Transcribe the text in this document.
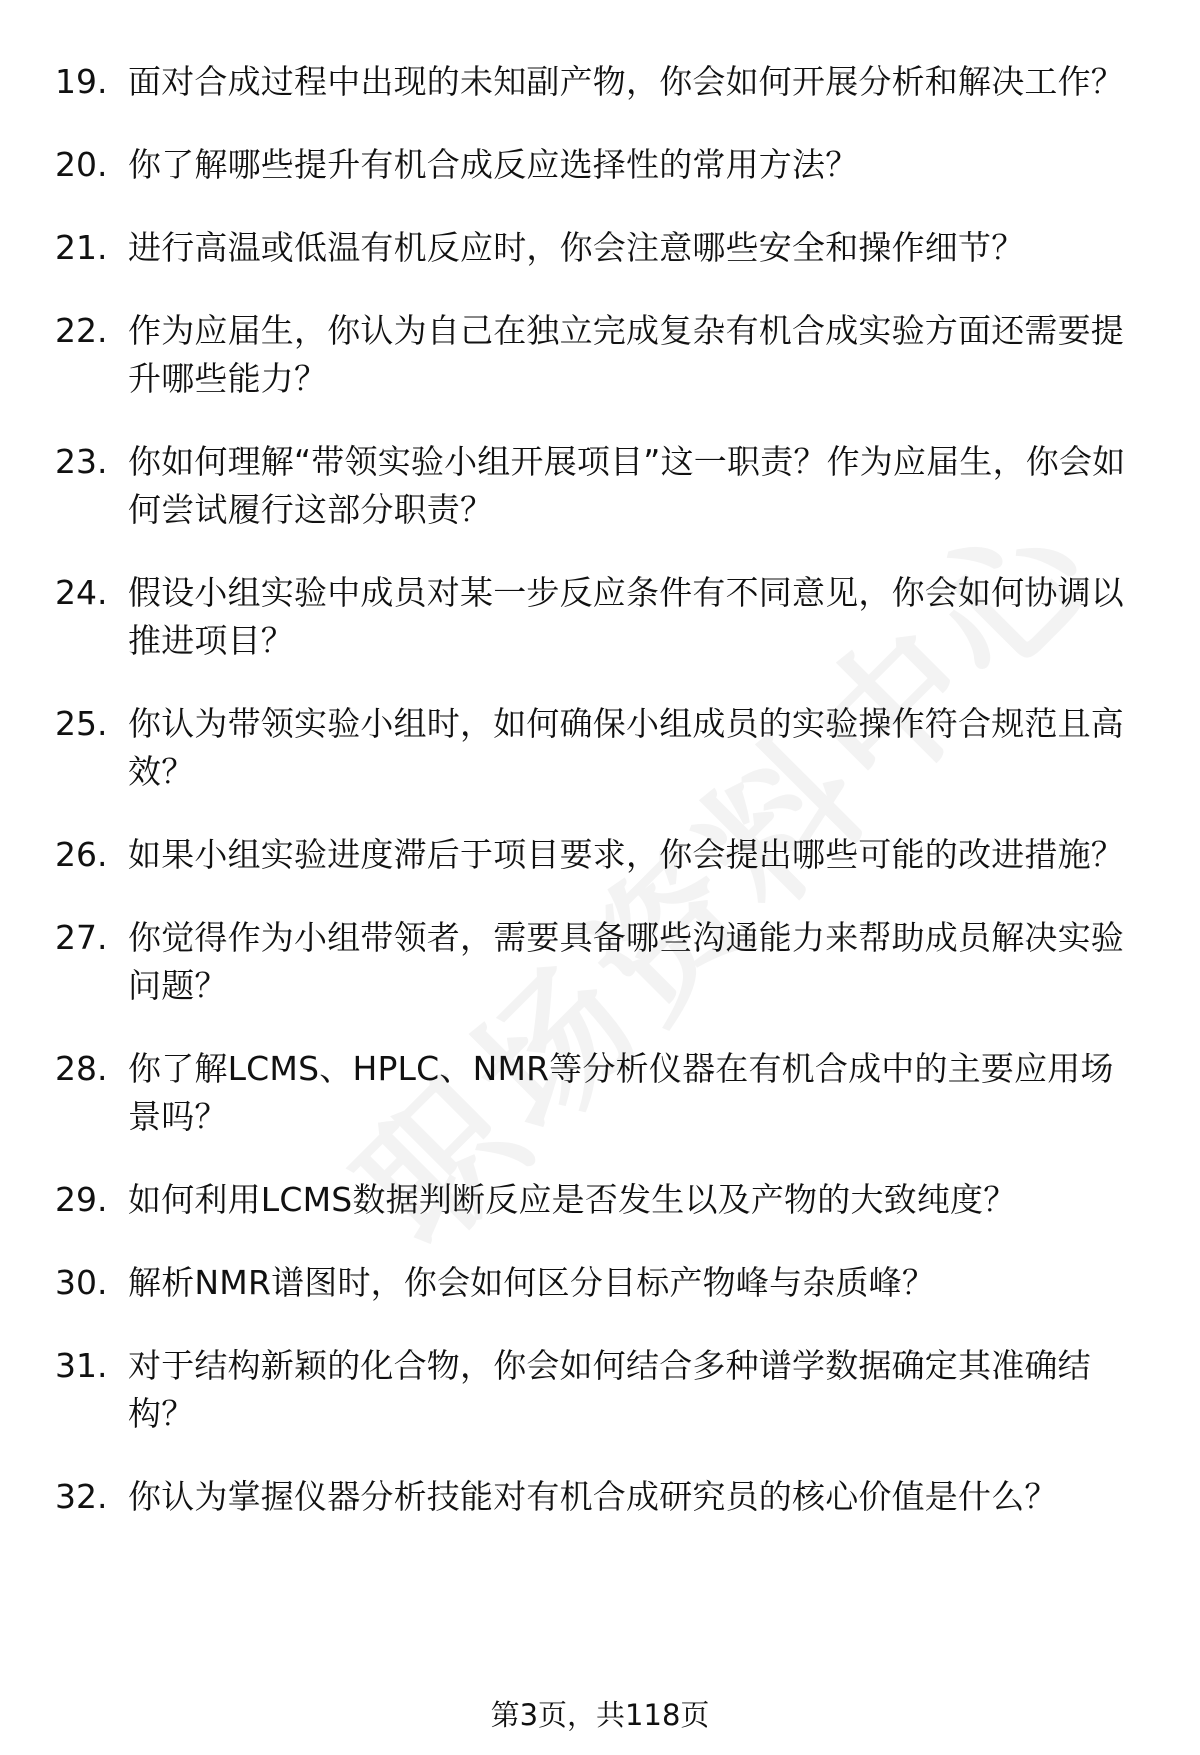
19. 面对合成过程中出现的未知副产物，你会如何开展分析和解决工作？
20. 你了解哪些提升有机合成反应选择性的常用方法？
21. 进行高温或低温有机反应时，你会注意哪些安全和操作细节？
22. 作为应届生，你认为自己在独立完成复杂有机合成实验方面还需要提升哪些能力？
23. 你如何理解“带领实验小组开展项目”这一职责？作为应届生，你会如何尝试履行这部分职责？
24. 假设小组实验中成员对某一步反应条件有不同意见，你会如何协调以推进项目？
25. 你认为带领实验小组时，如何确保小组成员的实验操作符合规范且高效？
26. 如果小组实验进度滞后于项目要求，你会提出哪些可能的改进措施？
27. 你觉得作为小组带领者，需要具备哪些沟通能力来帮助成员解决实验问题？
28. 你了解LCMS、HPLC、NMR等分析仪器在有机合成中的主要应用场景吗？
29. 如何利用LCMS数据判断反应是否发生以及产物的大致纯度？
30. 解析NMR谱图时，你会如何区分目标产物峰与杂质峰？
31. 对于结构新颖的化合物，你会如何结合多种谱学数据确定其准确结构？
32. 你认为掌握仪器分析技能对有机合成研究员的核心价值是什么？
第3页，共118页
